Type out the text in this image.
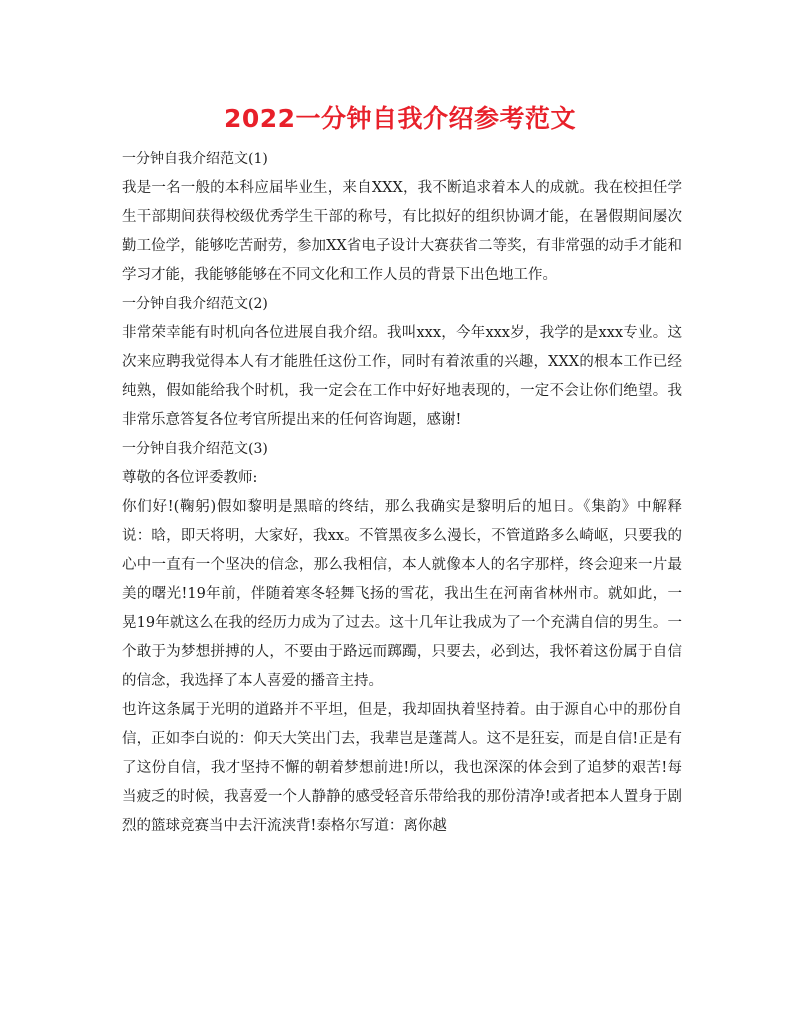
2022一分钟自我介绍参考范文

一分钟自我介绍范文(1)

我是一名一般的本科应届毕业生，来自XXX，我不断追求着本人的成就。我在校担任学生干部期间获得校级优秀学生干部的称号，有比拟好的组织协调才能，在暑假期间屡次勤工俭学，能够吃苦耐劳，参加XX省电子设计大赛获省二等奖，有非常强的动手才能和学习才能，我能够能够在不同文化和工作人员的背景下出色地工作。

一分钟自我介绍范文(2)

非常荣幸能有时机向各位进展自我介绍。我叫xxx，今年xxx岁，我学的是xxx专业。这次来应聘我觉得本人有才能胜任这份工作，同时有着浓重的兴趣，XXX的根本工作已经纯熟，假如能给我个时机，我一定会在工作中好好地表现的，一定不会让你们绝望。我非常乐意答复各位考官所提出来的任何咨询题，感谢!

一分钟自我介绍范文(3)

尊敬的各位评委教师:

你们好!(鞠躬)假如黎明是黑暗的终结，那么我确实是黎明后的旭日。《集韵》中解释说：晗，即天将明，大家好，我xx。不管黑夜多么漫长，不管道路多么崎岖，只要我的心中一直有一个坚决的信念，那么我相信，本人就像本人的名字那样，终会迎来一片最美的曙光!19年前，伴随着寒冬轻舞飞扬的雪花，我出生在河南省林州市。就如此，一晃19年就这么在我的经历力成为了过去。这十几年让我成为了一个充满自信的男生。一个敢于为梦想拼搏的人，不要由于路远而踯躅，只要去，必到达，我怀着这份属于自信的信念，我选择了本人喜爱的播音主持。

也许这条属于光明的道路并不平坦，但是，我却固执着坚持着。由于源自心中的那份自信，正如李白说的：仰天大笑出门去，我辈岂是蓬蒿人。这不是狂妄，而是自信!正是有了这份自信，我才坚持不懈的朝着梦想前进!所以，我也深深的体会到了追梦的艰苦!每当疲乏的时候，我喜爱一个人静静的感受轻音乐带给我的那份清净!或者把本人置身于剧烈的篮球竞赛当中去汗流浃背!泰格尔写道：离你越
